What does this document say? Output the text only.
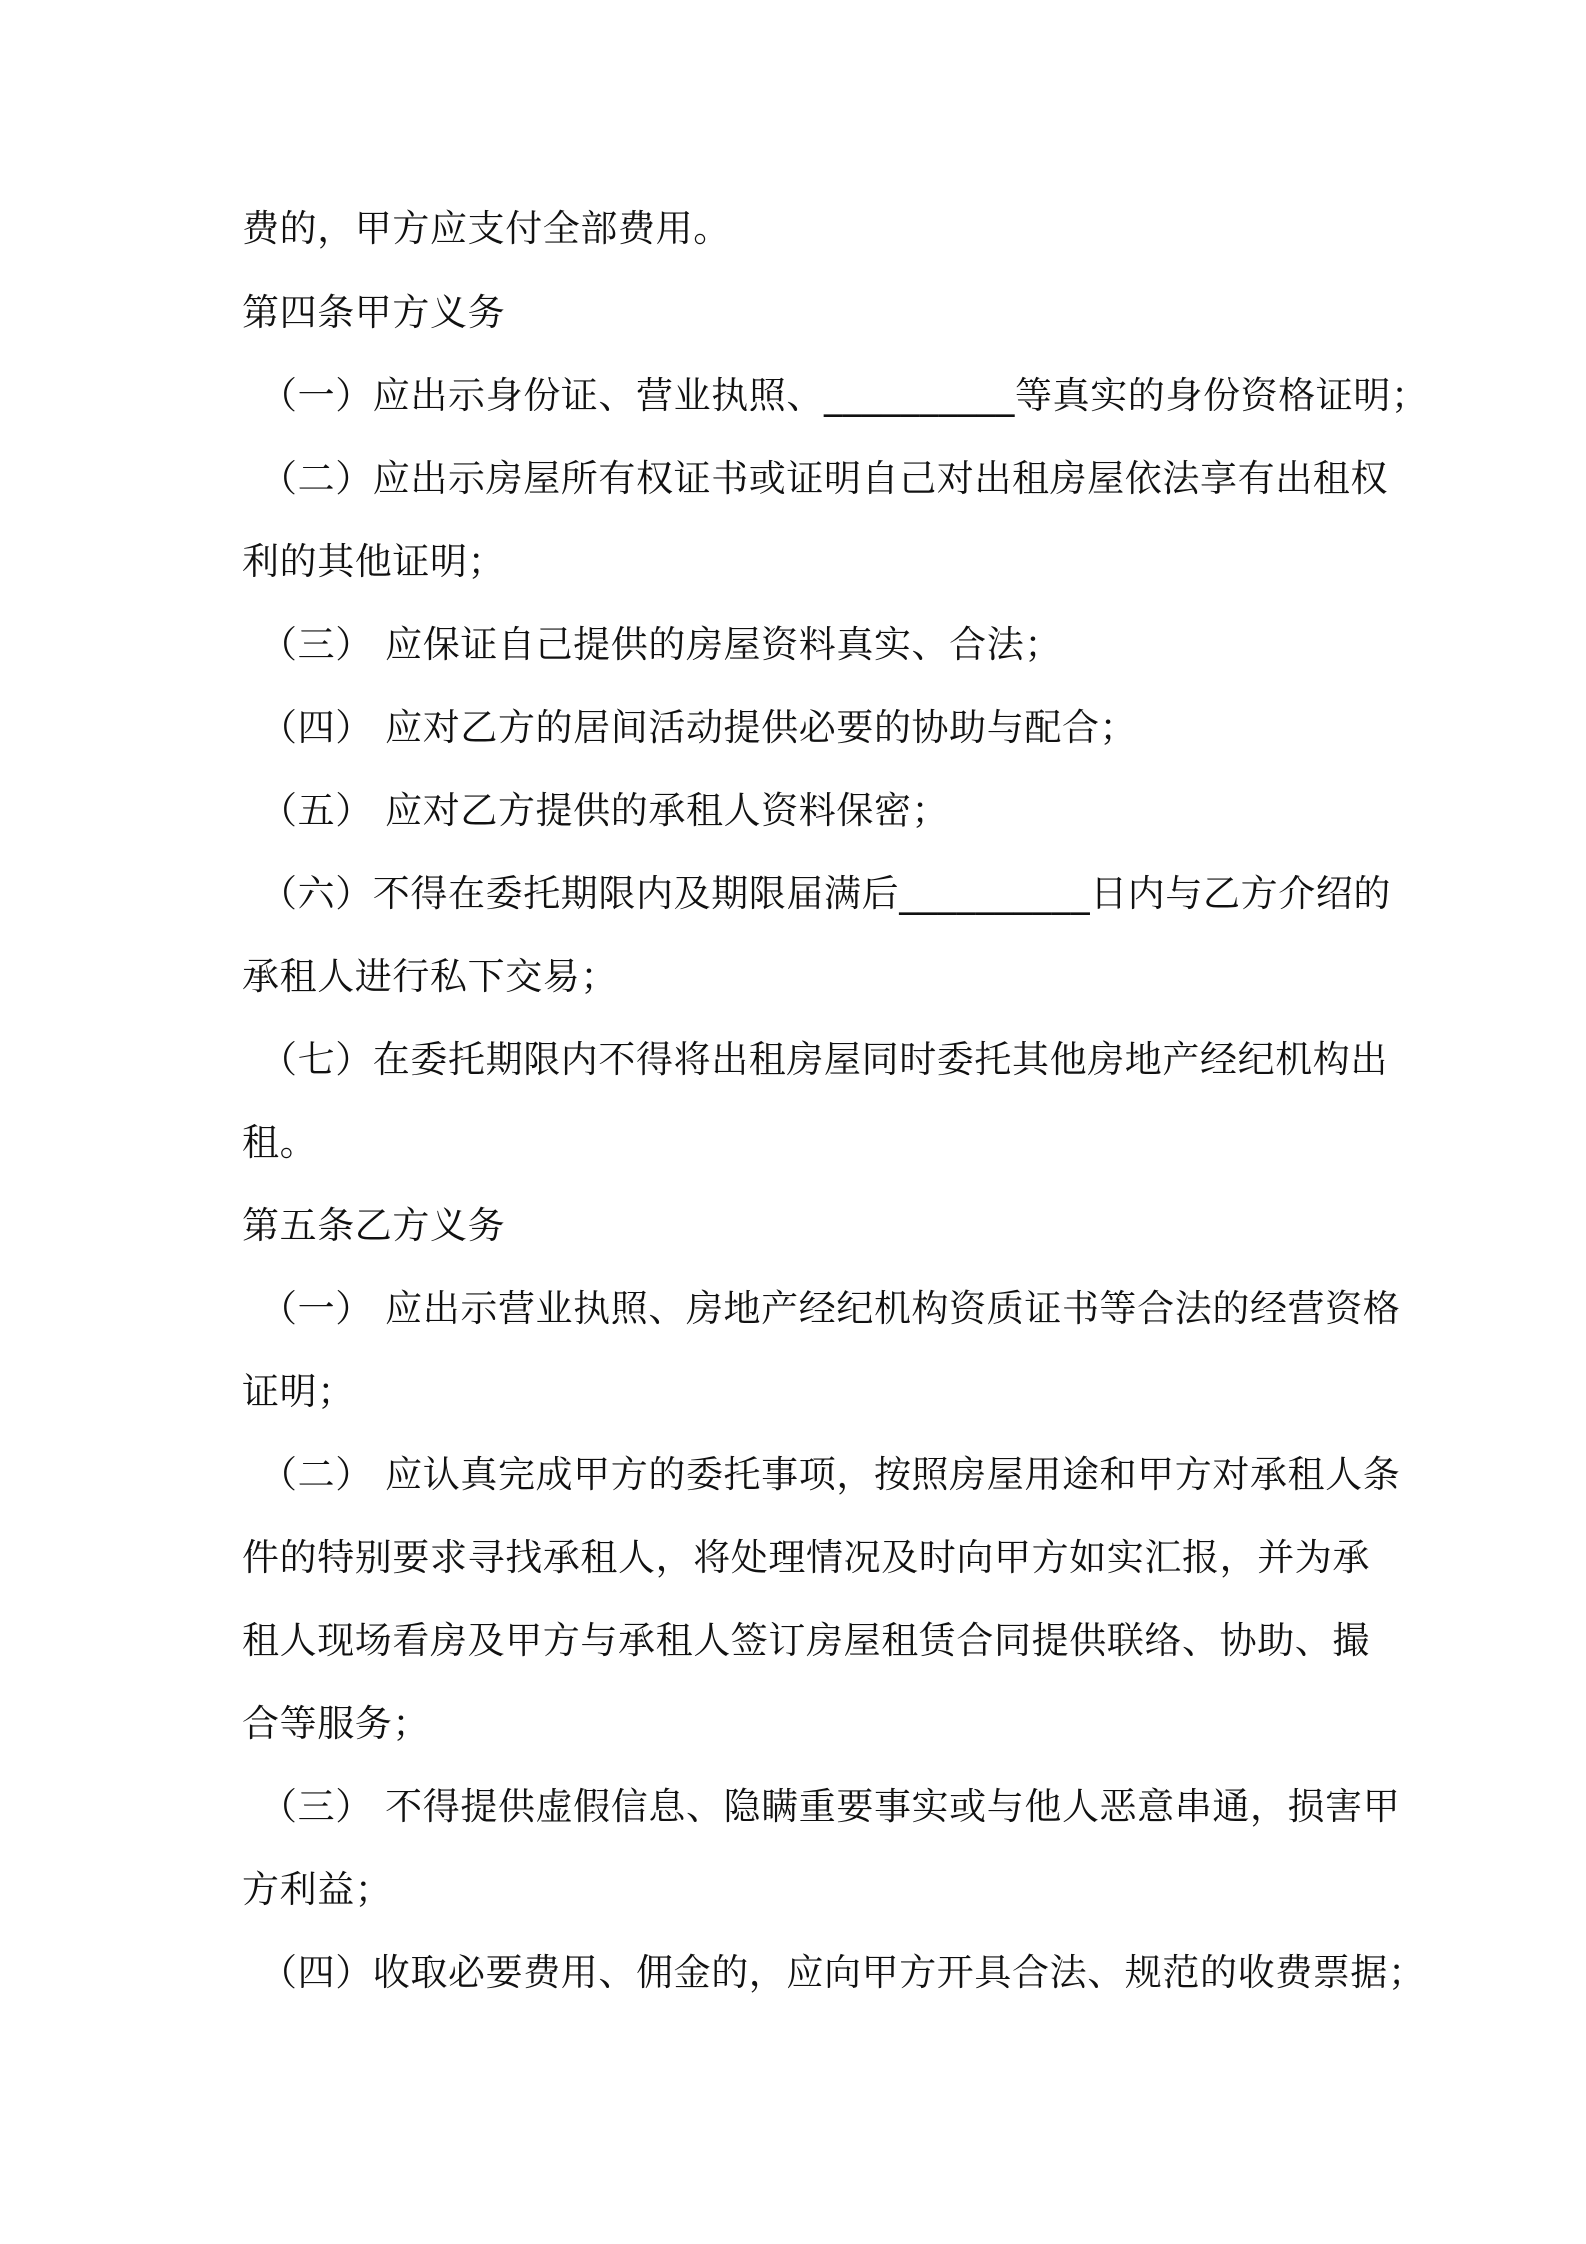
费的，甲方应支付全部费用。
第四条甲方义务
（一）应出示身份证、营业执照、__________等真实的身份资格证明；
（二）应出示房屋所有权证书或证明自己对出租房屋依法享有出租权
利的其他证明；
（三） 应保证自己提供的房屋资料真实、合法；
（四） 应对乙方的居间活动提供必要的协助与配合；
（五） 应对乙方提供的承租人资料保密；
（六）不得在委托期限内及期限届满后__________日内与乙方介绍的
承租人进行私下交易；
（七）在委托期限内不得将出租房屋同时委托其他房地产经纪机构出
租。
第五条乙方义务
（一） 应出示营业执照、房地产经纪机构资质证书等合法的经营资格
证明；
（二） 应认真完成甲方的委托事项，按照房屋用途和甲方对承租人条
件的特别要求寻找承租人，将处理情况及时向甲方如实汇报，并为承
租人现场看房及甲方与承租人签订房屋租赁合同提供联络、协助、撮
合等服务；
（三） 不得提供虚假信息、隐瞒重要事实或与他人恶意串通，损害甲
方利益；
（四）收取必要费用、佣金的，应向甲方开具合法、规范的收费票据；
